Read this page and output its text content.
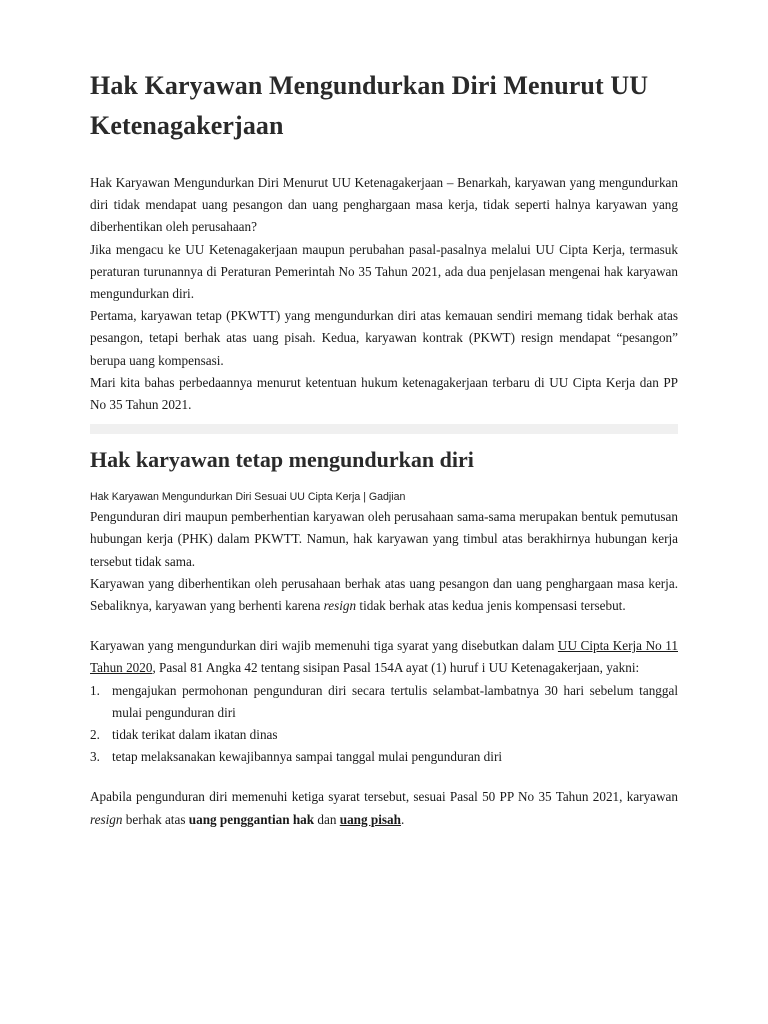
Hak Karyawan Mengundurkan Diri Menurut UU Ketenagakerjaan

Hak Karyawan Mengundurkan Diri Menurut UU Ketenagakerjaan – Benarkah, karyawan yang mengundurkan diri tidak mendapat uang pesangon dan uang penghargaan masa kerja, tidak seperti halnya karyawan yang diberhentikan oleh perusahaan?

Jika mengacu ke UU Ketenagakerjaan maupun perubahan pasal-pasalnya melalui UU Cipta Kerja, termasuk peraturan turunannya di Peraturan Pemerintah No 35 Tahun 2021, ada dua penjelasan mengenai hak karyawan mengundurkan diri.

Pertama, karyawan tetap (PKWTT) yang mengundurkan diri atas kemauan sendiri memang tidak berhak atas pesangon, tetapi berhak atas uang pisah. Kedua, karyawan kontrak (PKWT) resign mendapat “pesangon” berupa uang kompensasi.

Mari kita bahas perbedaannya menurut ketentuan hukum ketenagakerjaan terbaru di UU Cipta Kerja dan PP No 35 Tahun 2021.

Hak karyawan tetap mengundurkan diri
Hak Karyawan Mengundurkan Diri Sesuai UU Cipta Kerja | Gadjian

Pengunduran diri maupun pemberhentian karyawan oleh perusahaan sama-sama merupakan bentuk pemutusan hubungan kerja (PHK) dalam PKWTT. Namun, hak karyawan yang timbul atas berakhirnya hubungan kerja tersebut tidak sama.

Karyawan yang diberhentikan oleh perusahaan berhak atas uang pesangon dan uang penghargaan masa kerja. Sebaliknya, karyawan yang berhenti karena resign tidak berhak atas kedua jenis kompensasi tersebut.

Karyawan yang mengundurkan diri wajib memenuhi tiga syarat yang disebutkan dalam UU Cipta Kerja No 11 Tahun 2020, Pasal 81 Angka 42 tentang sisipan Pasal 154A ayat (1) huruf i UU Ketenagakerjaan, yakni:

1. mengajukan permohonan pengunduran diri secara tertulis selambat-lambatnya 30 hari sebelum tanggal mulai pengunduran diri
2. tidak terikat dalam ikatan dinas
3. tetap melaksanakan kewajibannya sampai tanggal mulai pengunduran diri

Apabila pengunduran diri memenuhi ketiga syarat tersebut, sesuai Pasal 50 PP No 35 Tahun 2021, karyawan resign berhak atas uang penggantian hak dan uang pisah.
